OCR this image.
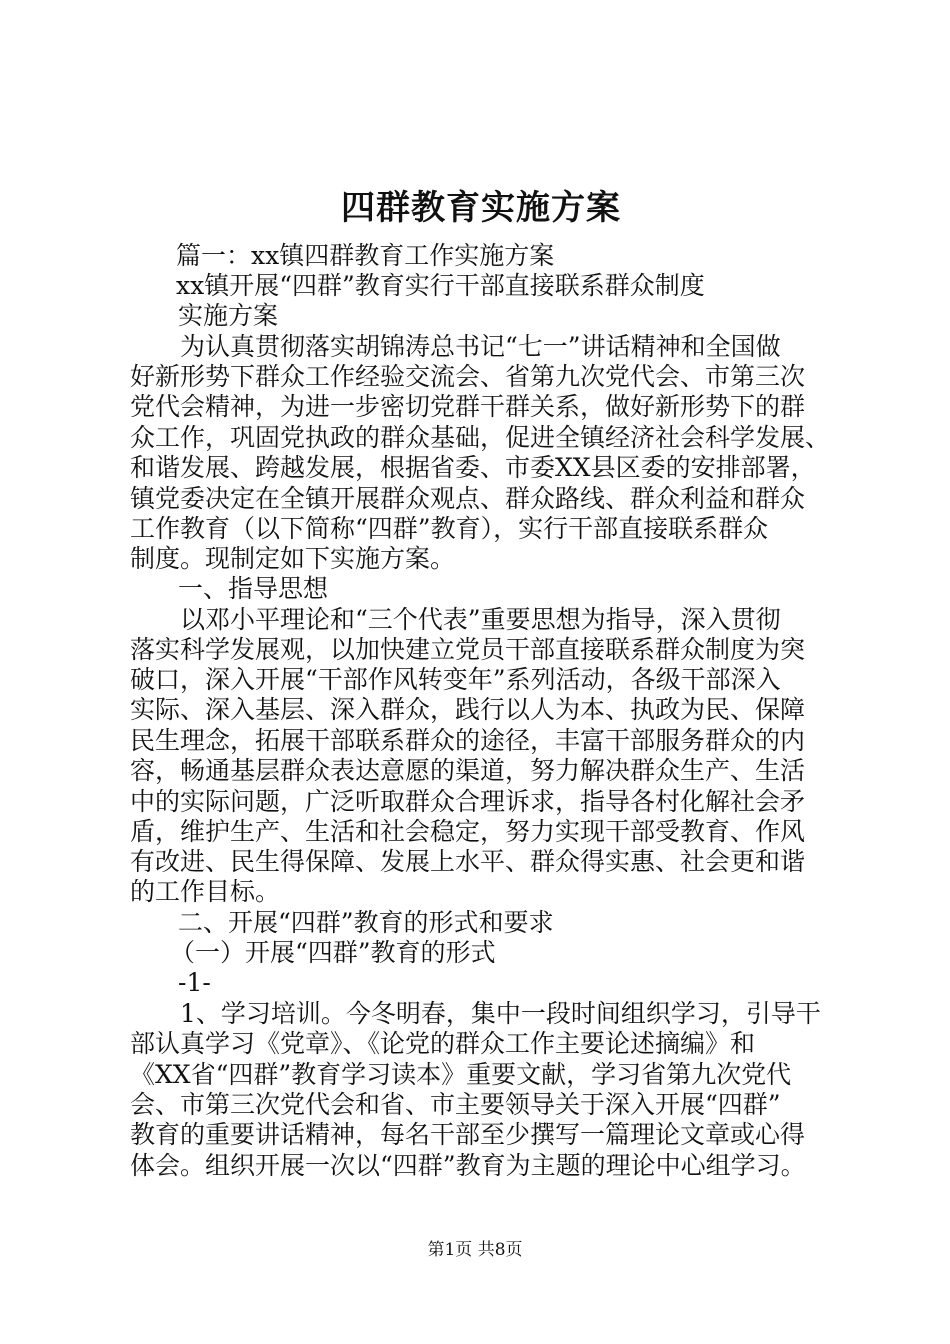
四群教育实施方案
篇一：xx镇四群教育工作实施方案
xx镇开展“四群”教育实行干部直接联系群众制度
实施方案
为认真贯彻落实胡锦涛总书记“七一”讲话精神和全国做
好新形势下群众工作经验交流会、省第九次党代会、市第三次
党代会精神，为进一步密切党群干群关系，做好新形势下的群
众工作，巩固党执政的群众基础，促进全镇经济社会科学发展、
和谐发展、跨越发展，根据省委、市委XX县区委的安排部署，
镇党委决定在全镇开展群众观点、群众路线、群众利益和群众
工作教育（以下简称“四群”教育），实行干部直接联系群众
制度。现制定如下实施方案。
一、指导思想
以邓小平理论和“三个代表”重要思想为指导，深入贯彻
落实科学发展观，以加快建立党员干部直接联系群众制度为突
破口，深入开展“干部作风转变年”系列活动，各级干部深入
实际、深入基层、深入群众，践行以人为本、执政为民、保障
民生理念，拓展干部联系群众的途径，丰富干部服务群众的内
容，畅通基层群众表达意愿的渠道，努力解决群众生产、生活
中的实际问题，广泛听取群众合理诉求，指导各村化解社会矛
盾，维护生产、生活和社会稳定，努力实现干部受教育、作风
有改进、民生得保障、发展上水平、群众得实惠、社会更和谐
的工作目标。
二、开展“四群”教育的形式和要求
（一）开展“四群”教育的形式
-1-
1、学习培训。今冬明春，集中一段时间组织学习，引导干
部认真学习《党章》、《论党的群众工作主要论述摘编》和
《XX省“四群”教育学习读本》重要文献，学习省第九次党代
会、市第三次党代会和省、市主要领导关于深入开展“四群”
教育的重要讲话精神，每名干部至少撰写一篇理论文章或心得
体会。组织开展一次以“四群”教育为主题的理论中心组学习。
第1页 共8页
